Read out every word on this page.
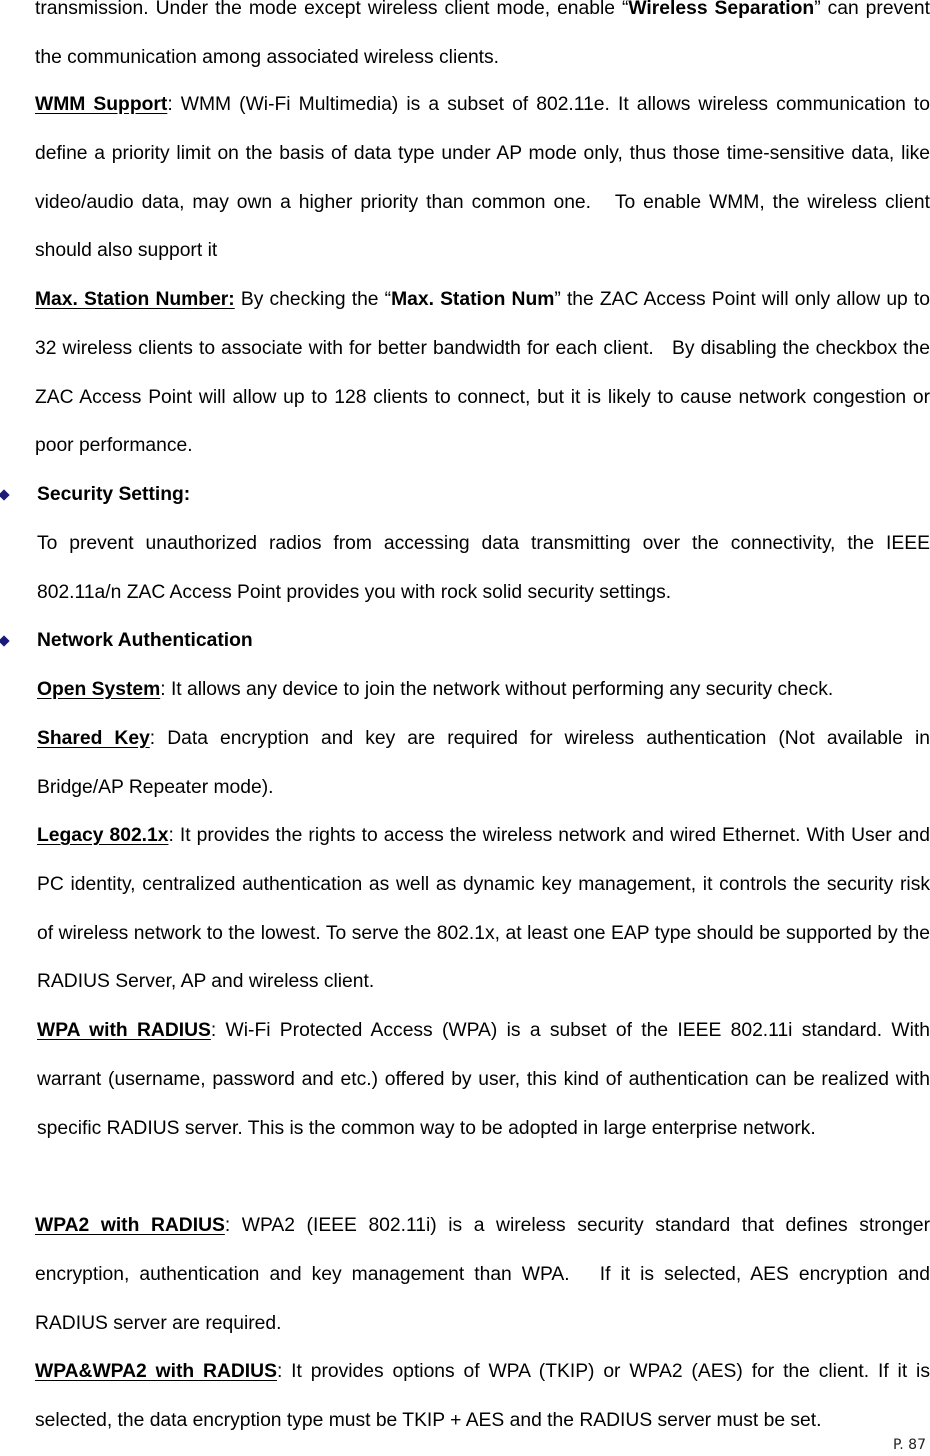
transmission. Under the mode except wireless client mode, enable “Wireless Separation” can prevent the communication among associated wireless clients.

WMM Support: WMM (Wi-Fi Multimedia) is a subset of 802.11e. It allows wireless communication to define a priority limit on the basis of data type under AP mode only, thus those time-sensitive data, like video/audio data, may own a higher priority than common one.   To enable WMM, the wireless client should also support it

Max. Station Number: By checking the “Max. Station Num” the ZAC Access Point will only allow up to 32 wireless clients to associate with for better bandwidth for each client.   By disabling the checkbox the ZAC Access Point will allow up to 128 clients to connect, but it is likely to cause network congestion or poor performance.

Security Setting:

To prevent unauthorized radios from accessing data transmitting over the connectivity, the IEEE 802.11a/n ZAC Access Point provides you with rock solid security settings.

Network Authentication

Open System: It allows any device to join the network without performing any security check.

Shared Key: Data encryption and key are required for wireless authentication (Not available in Bridge/AP Repeater mode).

Legacy 802.1x: It provides the rights to access the wireless network and wired Ethernet. With User and PC identity, centralized authentication as well as dynamic key management, it controls the security risk of wireless network to the lowest. To serve the 802.1x, at least one EAP type should be supported by the RADIUS Server, AP and wireless client.

WPA with RADIUS: Wi-Fi Protected Access (WPA) is a subset of the IEEE 802.11i standard. With warrant (username, password and etc.) offered by user, this kind of authentication can be realized with specific RADIUS server. This is the common way to be adopted in large enterprise network.

WPA2 with RADIUS: WPA2 (IEEE 802.11i) is a wireless security standard that defines stronger encryption, authentication and key management than WPA.   If it is selected, AES encryption and RADIUS server are required.

WPA&WPA2 with RADIUS: It provides options of WPA (TKIP) or WPA2 (AES) for the client. If it is selected, the data encryption type must be TKIP + AES and the RADIUS server must be set.

P. 87
